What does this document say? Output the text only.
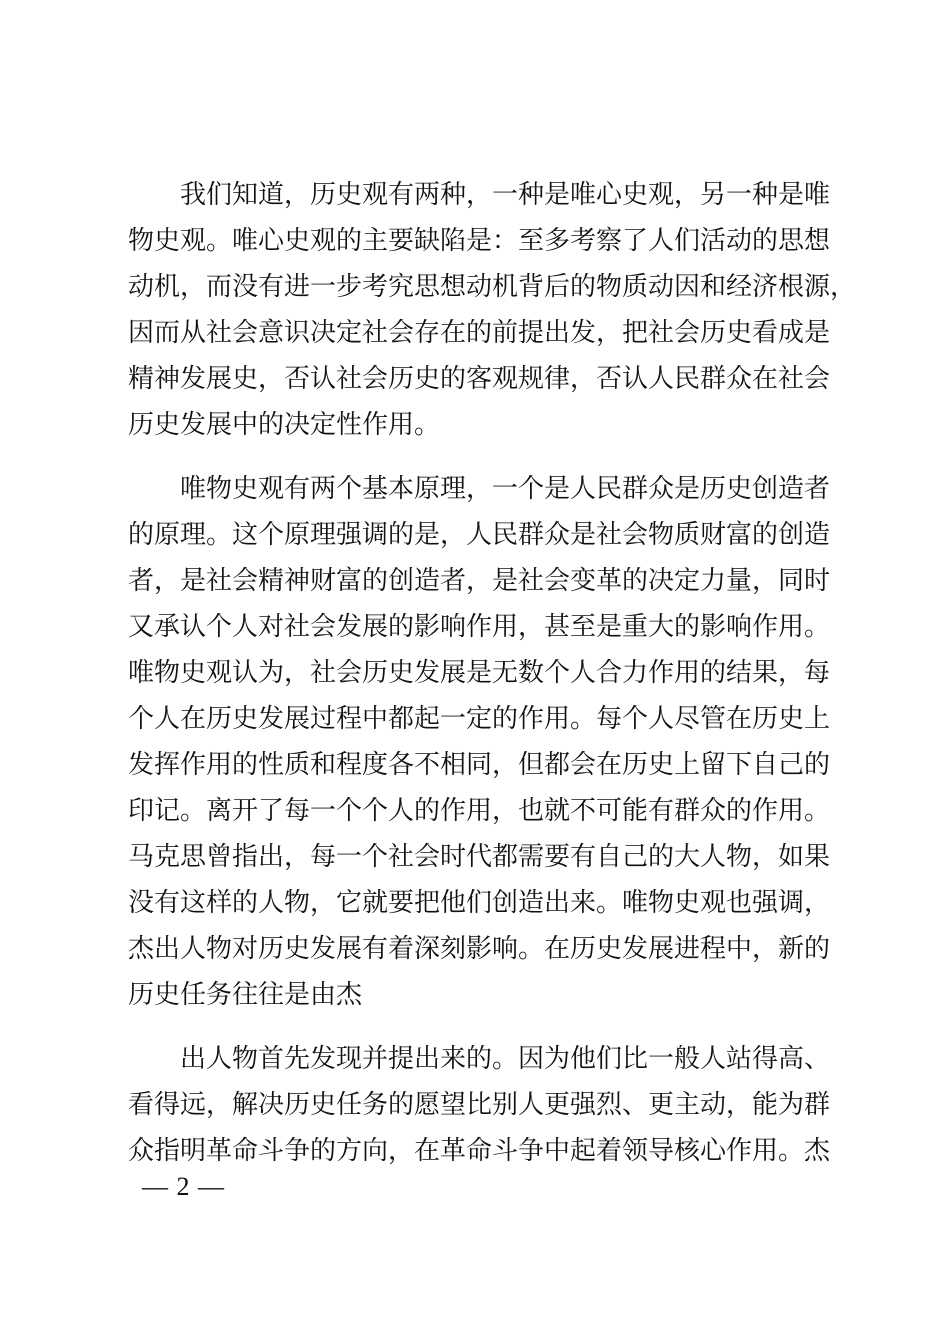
我们知道，历史观有两种，一种是唯心史观，另一种是唯
物史观。唯心史观的主要缺陷是：至多考察了人们活动的思想
动机，而没有进一步考究思想动机背后的物质动因和经济根源，
因而从社会意识决定社会存在的前提出发，把社会历史看成是
精神发展史，否认社会历史的客观规律，否认人民群众在社会
历史发展中的决定性作用。
唯物史观有两个基本原理，一个是人民群众是历史创造者
的原理。这个原理强调的是，人民群众是社会物质财富的创造
者，是社会精神财富的创造者，是社会变革的决定力量，同时
又承认个人对社会发展的影响作用，甚至是重大的影响作用。
唯物史观认为，社会历史发展是无数个人合力作用的结果，每
个人在历史发展过程中都起一定的作用。每个人尽管在历史上
发挥作用的性质和程度各不相同，但都会在历史上留下自己的
印记。离开了每一个个人的作用，也就不可能有群众的作用。
马克思曾指出，每一个社会时代都需要有自己的大人物，如果
没有这样的人物，它就要把他们创造出来。唯物史观也强调，
杰出人物对历史发展有着深刻影响。在历史发展进程中，新的
历史任务往往是由杰
出人物首先发现并提出来的。因为他们比一般人站得高、
看得远，解决历史任务的愿望比别人更强烈、更主动，能为群
众指明革命斗争的方向，在革命斗争中起着领导核心作用。杰
— 2 —
